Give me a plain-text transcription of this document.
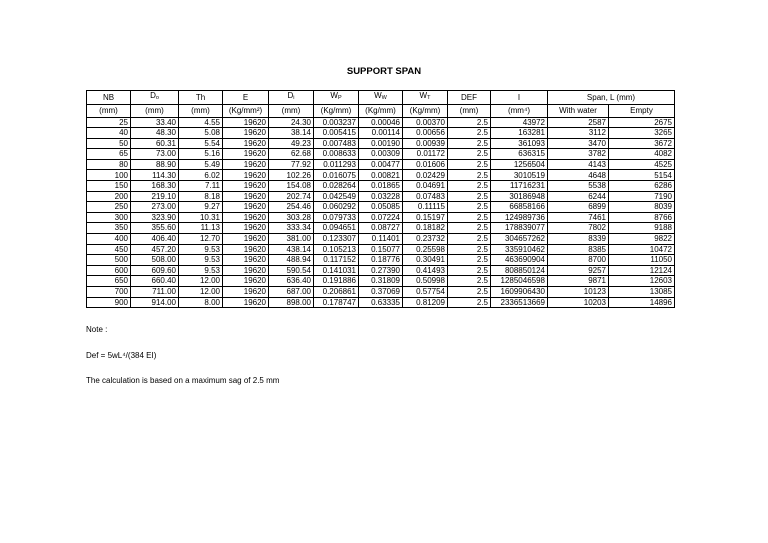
SUPPORT SPAN
NB	Do	Th	E	Di	WP	WW	WT	DEF	I	Span, L (mm)	
(mm)	(mm)	(mm)	(Kg/mm²)	(mm)	(Kg/mm)	(Kg/mm)	(Kg/mm)	(mm)	(mm⁴)	With water	Empty
25	33.40	4.55	19620	24.30	0.003237	0.00046	0.00370	2.5	43972	2587	2675
40	48.30	5.08	19620	38.14	0.005415	0.00114	0.00656	2.5	163281	3112	3265
50	60.31	5.54	19620	49.23	0.007483	0.00190	0.00939	2.5	361093	3470	3672
65	73.00	5.16	19620	62.68	0.008633	0.00309	0.01172	2.5	636315	3782	4082
80	88.90	5.49	19620	77.92	0.011293	0.00477	0.01606	2.5	1256504	4143	4525
100	114.30	6.02	19620	102.26	0.016075	0.00821	0.02429	2.5	3010519	4648	5154
150	168.30	7.11	19620	154.08	0.028264	0.01865	0.04691	2.5	11716231	5538	6286
200	219.10	8.18	19620	202.74	0.042549	0.03228	0.07483	2.5	30186948	6244	7190
250	273.00	9.27	19620	254.46	0.060292	0.05085	0.11115	2.5	66858166	6899	8039
300	323.90	10.31	19620	303.28	0.079733	0.07224	0.15197	2.5	124989736	7461	8766
350	355.60	11.13	19620	333.34	0.094651	0.08727	0.18182	2.5	178839077	7802	9188
400	406.40	12.70	19620	381.00	0.123307	0.11401	0.23732	2.5	304657262	8339	9822
450	457.20	9.53	19620	438.14	0.105213	0.15077	0.25598	2.5	335910462	8385	10472
500	508.00	9.53	19620	488.94	0.117152	0.18776	0.30491	2.5	463690904	8700	11050
600	609.60	9.53	19620	590.54	0.141031	0.27390	0.41493	2.5	808850124	9257	12124
650	660.40	12.00	19620	636.40	0.191886	0.31809	0.50998	2.5	1285046598	9871	12603
700	711.00	12.00	19620	687.00	0.206861	0.37069	0.57754	2.5	1609906430	10123	13085
900	914.00	8.00	19620	898.00	0.178747	0.63335	0.81209	2.5	2336513669	10203	14896
Note :
Def = 5wL⁴/(384 EI)
The calculation is based on a maximum sag of 2.5 mm
